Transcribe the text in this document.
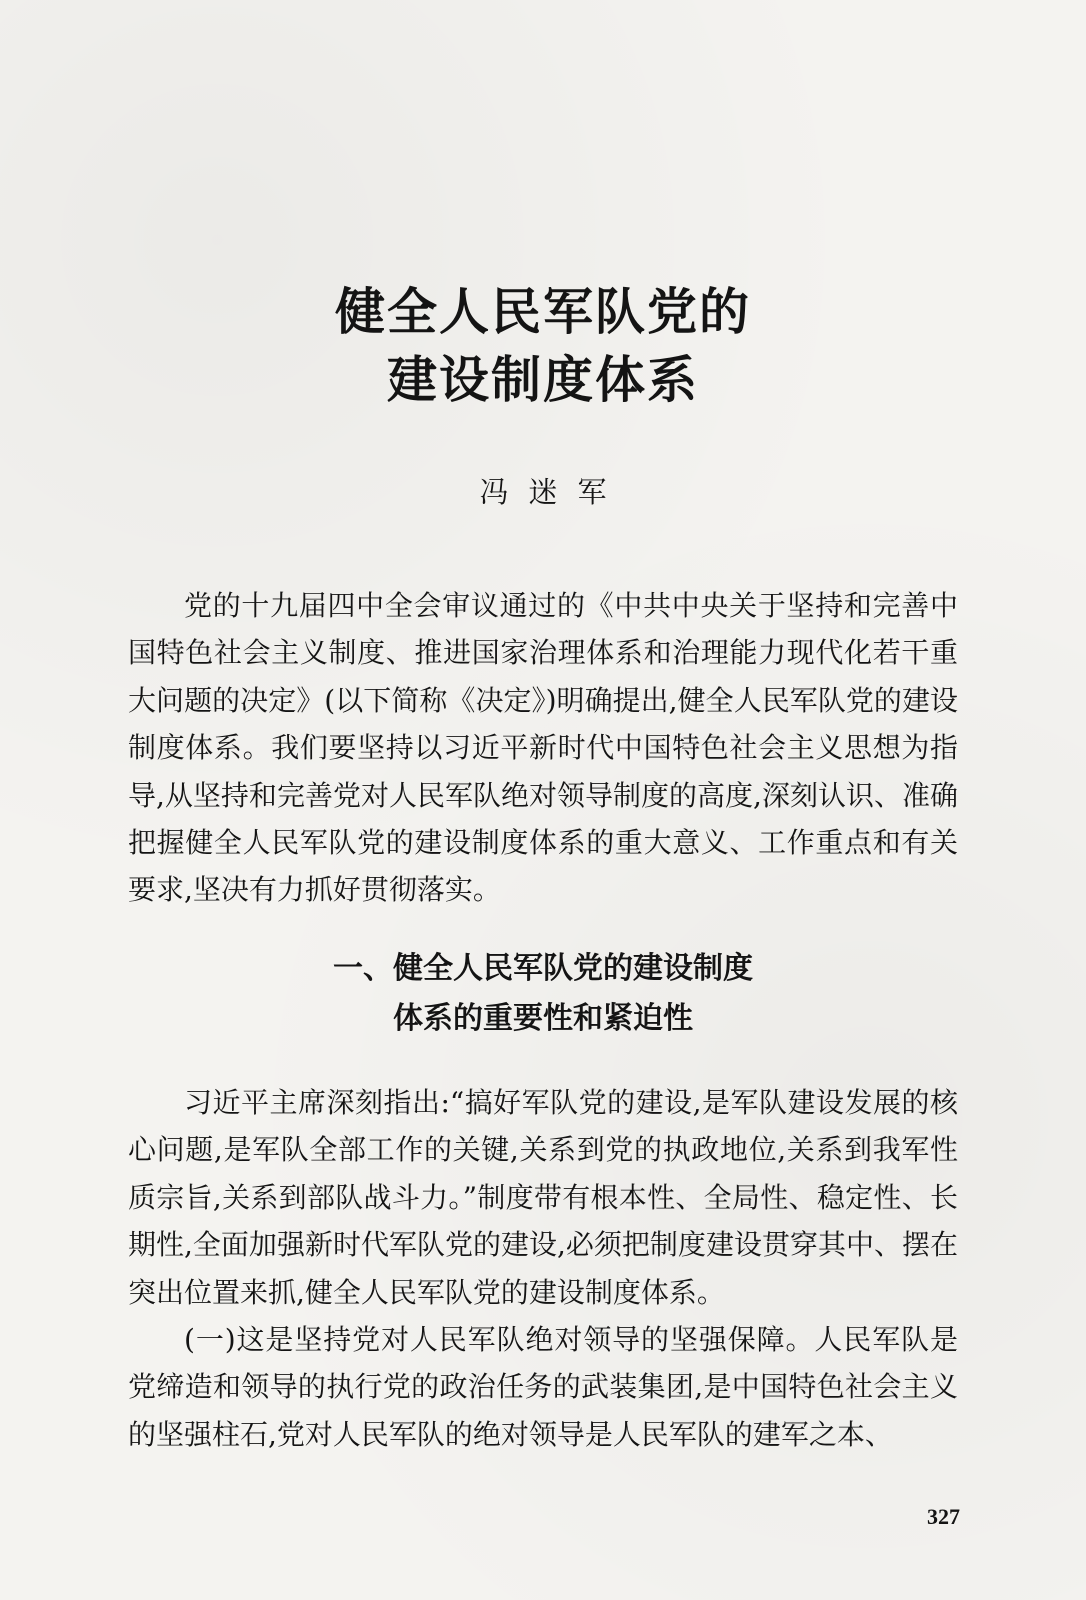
健全人民军队党的
建设制度体系
冯迷军

党的十九届四中全会审议通过的《中共中央关于坚持和完善中国特色社会主义制度、推进国家治理体系和治理能力现代化若干重大问题的决定》(以下简称《决定》)明确提出,健全人民军队党的建设制度体系。我们要坚持以习近平新时代中国特色社会主义思想为指导,从坚持和完善党对人民军队绝对领导制度的高度,深刻认识、准确把握健全人民军队党的建设制度体系的重大意义、工作重点和有关要求,坚决有力抓好贯彻落实。

一、健全人民军队党的建设制度
体系的重要性和紧迫性

习近平主席深刻指出:“搞好军队党的建设,是军队建设发展的核心问题,是军队全部工作的关键,关系到党的执政地位,关系到我军性质宗旨,关系到部队战斗力。”制度带有根本性、全局性、稳定性、长期性,全面加强新时代军队党的建设,必须把制度建设贯穿其中、摆在突出位置来抓,健全人民军队党的建设制度体系。

(一)这是坚持党对人民军队绝对领导的坚强保障。人民军队是党缔造和领导的执行党的政治任务的武装集团,是中国特色社会主义的坚强柱石,党对人民军队的绝对领导是人民军队的建军之本、

327
